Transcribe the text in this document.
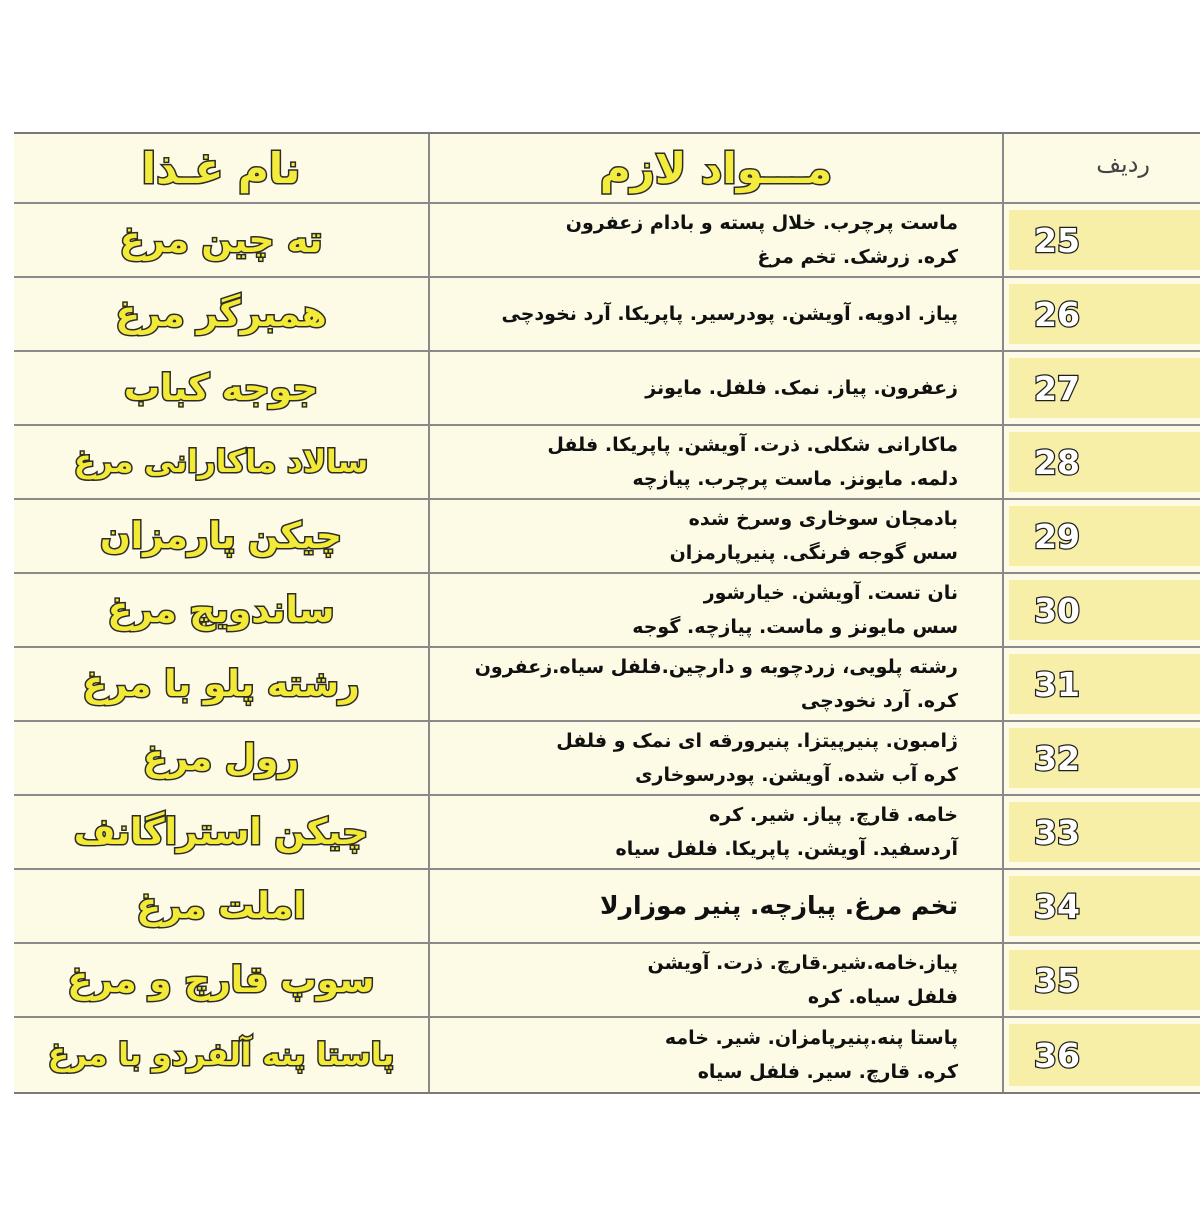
نام غـذا	مـــواد لازم	ردیف
ته چین مرغ	ماست پرچرب. خلال پسته و بادام زعفرون
کره. زرشک. تخم مرغ 25
همبرگر مرغ	پیاز. ادویه. آویشن. پودرسیر. پاپریکا. آرد نخودچی 26
جوجه کباب	زعفرون. پیاز. نمک. فلفل. مایونز 27
سالاد ماکارانی مرغ	ماکارانی شکلی. ذرت. آویشن. پاپریکا. فلفل
دلمه. مایونز. ماست پرچرب. پیازچه 28
چیکن پارمزان	بادمجان سوخاری وسرخ شده
سس گوجه فرنگی. پنیرپارمزان 29
ساندویچ مرغ	نان تست. آویشن. خیارشور
سس مایونز و ماست. پیازچه. گوجه 30
رشته پلو با مرغ	رشته پلویی، زردچوبه و دارچین.فلفل سیاه.زعفرون
کره. آرد نخودچی 31
رول مرغ	ژامبون. پنیرپیتزا. پنیرورقه ای نمک و فلفل
کره آب شده. آویشن. پودرسوخاری 32
چیکن استراگانف	خامه. قارچ. پیاز. شیر. کره
آردسفید. آویشن. پاپریکا. فلفل سیاه 33
املت مرغ	تخم مرغ. پیازچه. پنیر موزارلا 34
سوپ قارچ و مرغ	پیاز.خامه.شیر.قارچ. ذرت. آویشن
فلفل سیاه. کره 35
پاستا پنه آلفردو با مرغ	پاستا پنه.پنیرپامزان. شیر. خامه
کره. قارچ. سیر. فلفل سیاه 36
